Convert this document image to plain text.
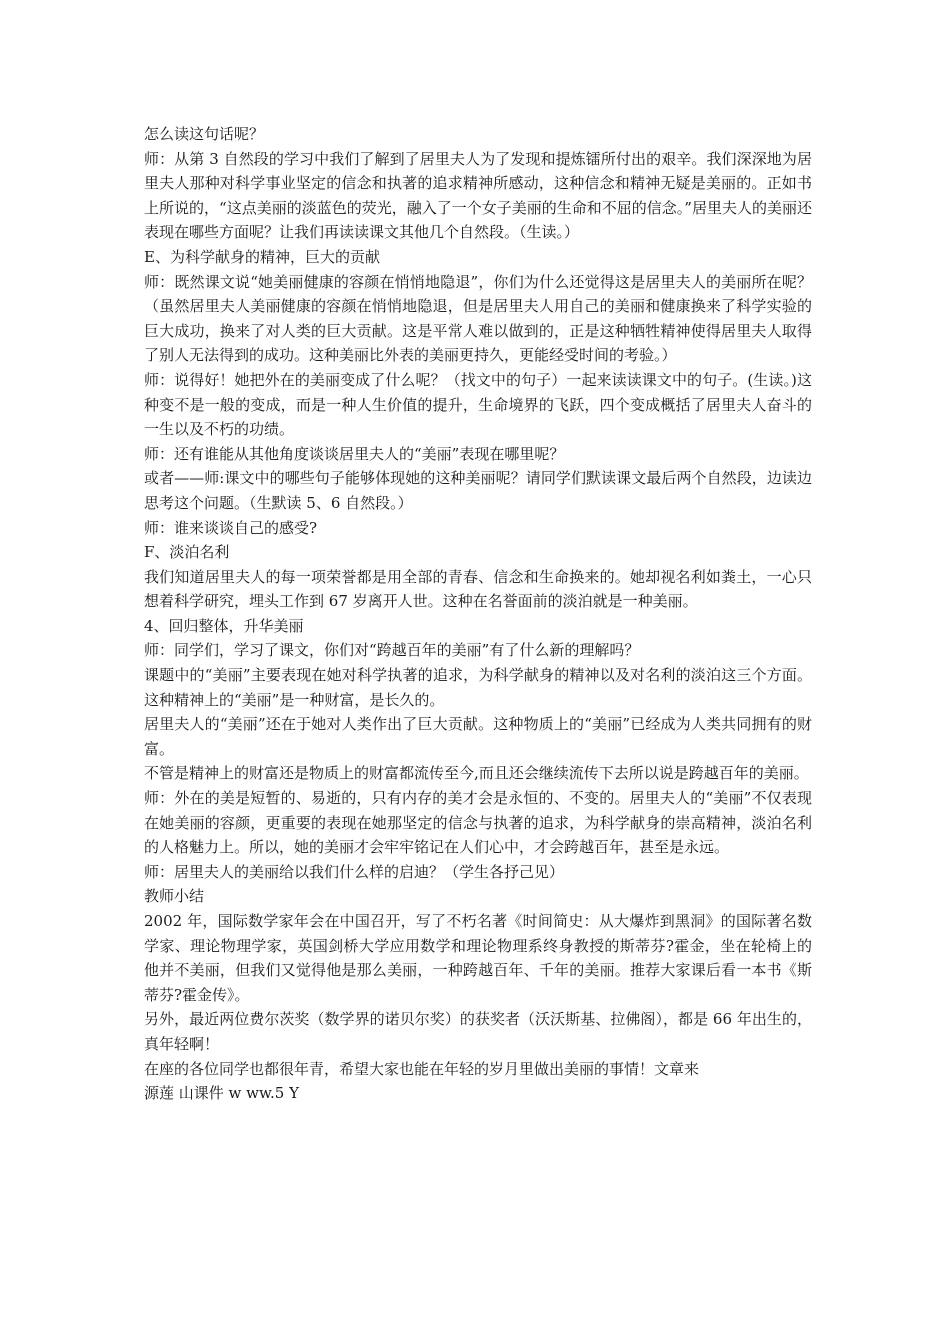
怎么读这句话呢？

师：从第 3 自然段的学习中我们了解到了居里夫人为了发现和提炼镭所付出的艰辛。我们深深地为居里夫人那种对科学事业坚定的信念和执著的追求精神所感动，这种信念和精神无疑是美丽的。正如书上所说的，“这点美丽的淡蓝色的荧光，融入了一个女子美丽的生命和不屈的信念。”居里夫人的美丽还表现在哪些方面呢？让我们再读读课文其他几个自然段。（生读。）

E、为科学献身的精神，巨大的贡献

师：既然课文说“她美丽健康的容颜在悄悄地隐退”，你们为什么还觉得这是居里夫人的美丽所在呢？（虽然居里夫人美丽健康的容颜在悄悄地隐退，但是居里夫人用自己的美丽和健康换来了科学实验的巨大成功，换来了对人类的巨大贡献。这是平常人难以做到的，正是这种牺牲精神使得居里夫人取得了别人无法得到的成功。这种美丽比外表的美丽更持久，更能经受时间的考验。）

师：说得好！她把外在的美丽变成了什么呢？（找文中的句子）一起来读读课文中的句子。(生读。)这种变不是一般的变成，而是一种人生价值的提升，生命境界的飞跃，四个变成概括了居里夫人奋斗的一生以及不朽的功绩。

师：还有谁能从其他角度谈谈居里夫人的“美丽”表现在哪里呢？

或者——师:课文中的哪些句子能够体现她的这种美丽呢？请同学们默读课文最后两个自然段，边读边思考这个问题。（生默读 5、6 自然段。）

师：谁来谈谈自己的感受?

F、淡泊名利

我们知道居里夫人的每一项荣誉都是用全部的青春、信念和生命换来的。她却视名利如粪土，一心只想着科学研究，埋头工作到 67 岁离开人世。这种在名誉面前的淡泊就是一种美丽。

4、回归整体，升华美丽

师：同学们，学习了课文，你们对“跨越百年的美丽”有了什么新的理解吗？

课题中的“美丽”主要表现在她对科学执著的追求，为科学献身的精神以及对名利的淡泊这三个方面。这种精神上的“美丽”是一种财富，是长久的。

居里夫人的“美丽”还在于她对人类作出了巨大贡献。这种物质上的“美丽”已经成为人类共同拥有的财富。

不管是精神上的财富还是物质上的财富都流传至今,而且还会继续流传下去所以说是跨越百年的美丽。

师：外在的美是短暂的、易逝的，只有内存的美才会是永恒的、不变的。居里夫人的“美丽”不仅表现在她美丽的容颜，更重要的表现在她那坚定的信念与执著的追求，为科学献身的崇高精神，淡泊名利的人格魅力上。所以，她的美丽才会牢牢铭记在人们心中，才会跨越百年，甚至是永远。

师：居里夫人的美丽给以我们什么样的启迪？（学生各抒己见）

教师小结

2002 年，国际数学家年会在中国召开，写了不朽名著《时间简史：从大爆炸到黑洞》的国际著名数学家、理论物理学家，英国剑桥大学应用数学和理论物理系终身教授的斯蒂芬?霍金，坐在轮椅上的他并不美丽，但我们又觉得他是那么美丽，一种跨越百年、千年的美丽。推荐大家课后看一本书《斯蒂芬?霍金传》。

另外，最近两位费尔茨奖（数学界的诺贝尔奖）的获奖者（沃沃斯基、拉佛阁），都是 66 年出生的，真年轻啊！

在座的各位同学也都很年青，希望大家也能在年轻的岁月里做出美丽的事情！文章来

源莲 山课件 w ww.5 Y
